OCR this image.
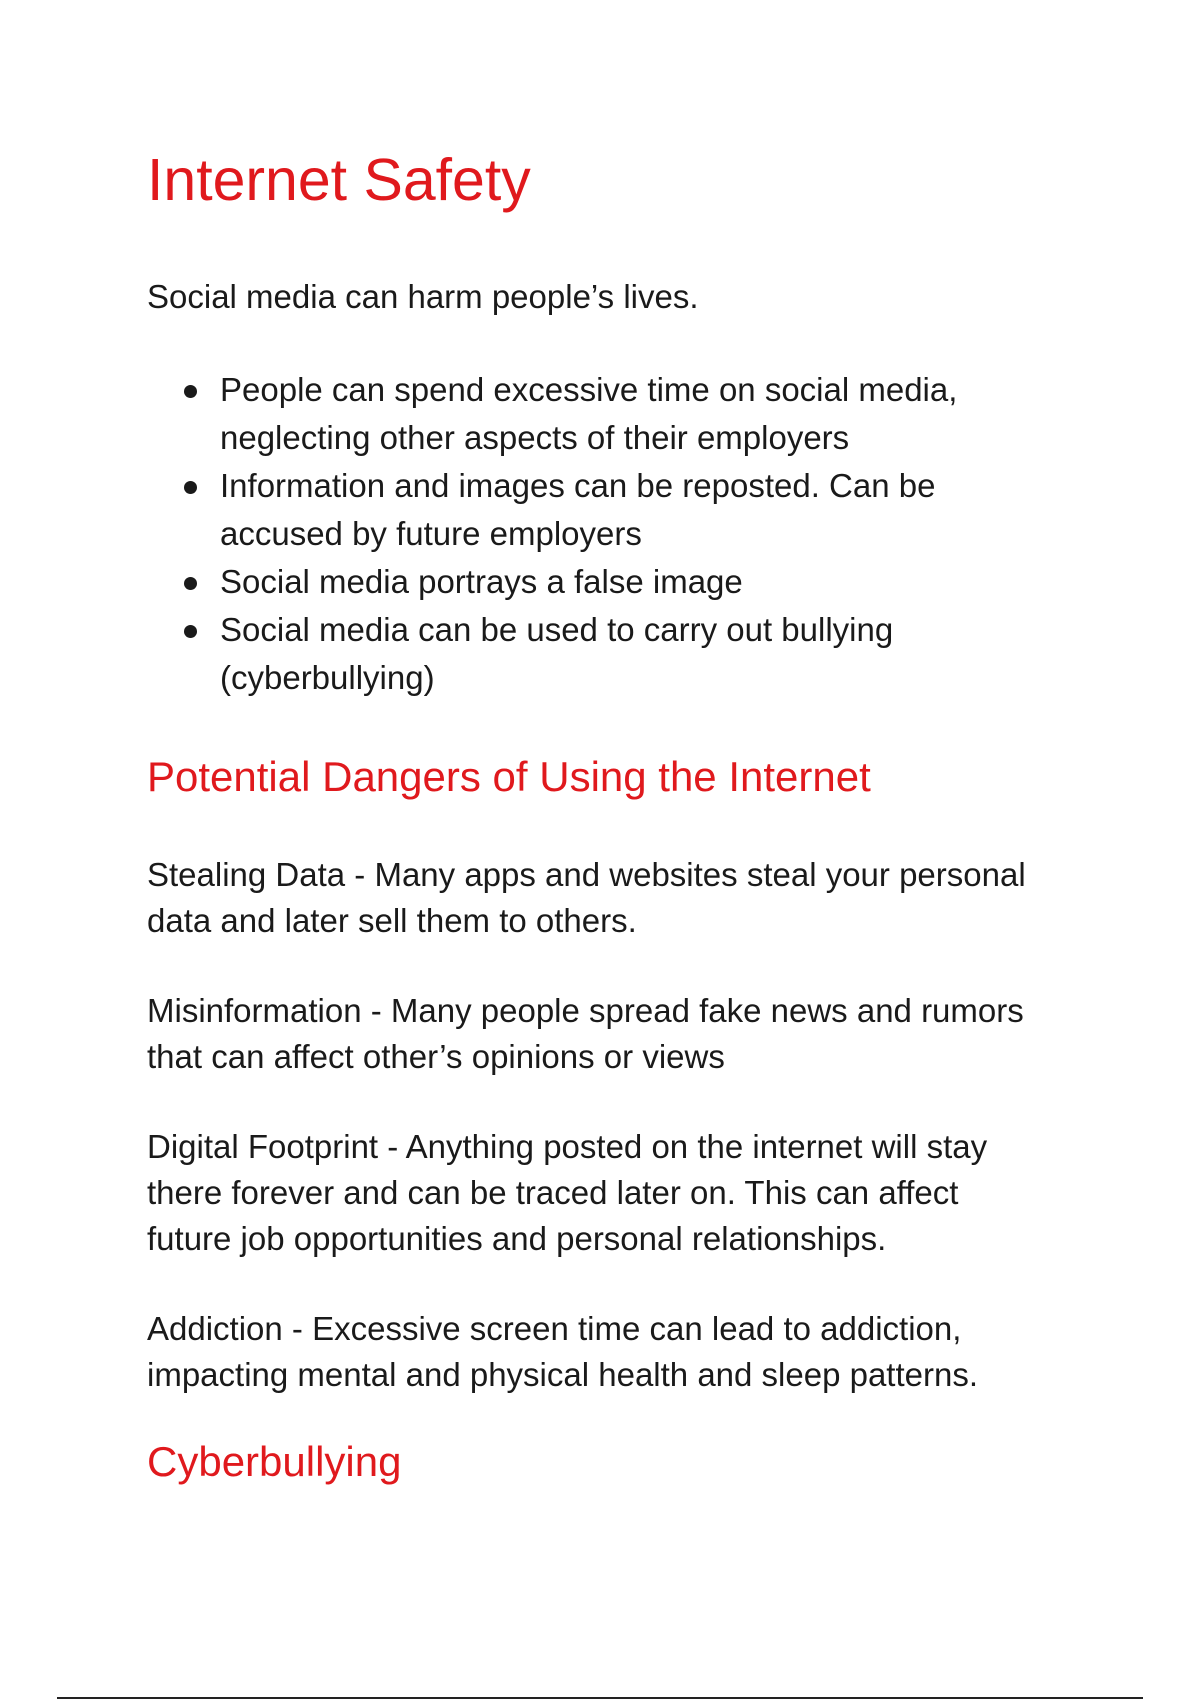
Internet Safety

Social media can harm people’s lives.

People can spend excessive time on social media, neglecting other aspects of their employers
Information and images can be reposted. Can be accused by future employers
Social media portrays a false image
Social media can be used to carry out bullying (cyberbullying)
Potential Dangers of Using the Internet

Stealing Data - Many apps and websites steal your personal data and later sell them to others.

Misinformation - Many people spread fake news and rumors that can affect other’s opinions or views

Digital Footprint - Anything posted on the internet will stay there forever and can be traced later on. This can affect future job opportunities and personal relationships.

Addiction - Excessive screen time can lead to addiction, impacting mental and physical health and sleep patterns.

Cyberbullying
